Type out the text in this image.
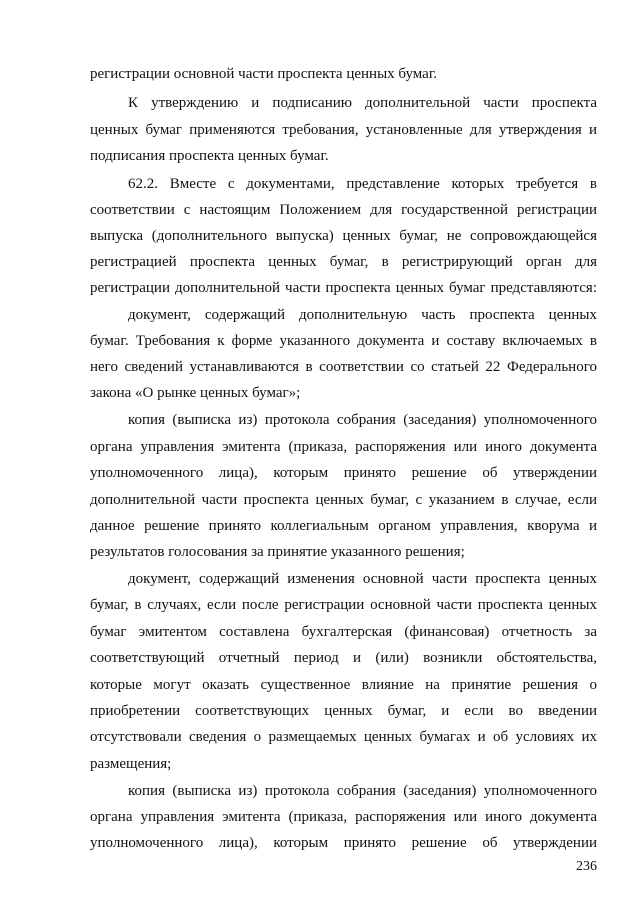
регистрации основной части проспекта ценных бумаг.
К утверждению и подписанию дополнительной части проспекта
ценных бумаг применяются требования, установленные для утверждения и
подписания проспекта ценных бумаг.
62.2. Вместе с документами, представление которых требуется в
соответствии с настоящим Положением для государственной регистрации
выпуска (дополнительного выпуска) ценных бумаг, не сопровождающейся
регистрацией проспекта ценных бумаг, в регистрирующий орган для
регистрации дополнительной части проспекта ценных бумаг представляются:
документ, содержащий дополнительную часть проспекта ценных
бумаг. Требования к форме указанного документа и составу включаемых в
него сведений устанавливаются в соответствии со статьей 22 Федерального
закона «О рынке ценных бумаг»;
копия (выписка из) протокола собрания (заседания) уполномоченного
органа управления эмитента (приказа, распоряжения или иного документа
уполномоченного лица), которым принято решение об утверждении
дополнительной части проспекта ценных бумаг, с указанием в случае, если
данное решение принято коллегиальным органом управления, кворума и
результатов голосования за принятие указанного решения;
документ, содержащий изменения основной части проспекта ценных
бумаг, в случаях, если после регистрации основной части проспекта ценных
бумаг эмитентом составлена бухгалтерская (финансовая) отчетность за
соответствующий отчетный период и (или) возникли обстоятельства,
которые могут оказать существенное влияние на принятие решения о
приобретении соответствующих ценных бумаг, и если во введении
отсутствовали сведения о размещаемых ценных бумагах и об условиях их
размещения;
копия (выписка из) протокола собрания (заседания) уполномоченного
органа управления эмитента (приказа, распоряжения или иного документа
уполномоченного лица), которым принято решение об утверждении
236
